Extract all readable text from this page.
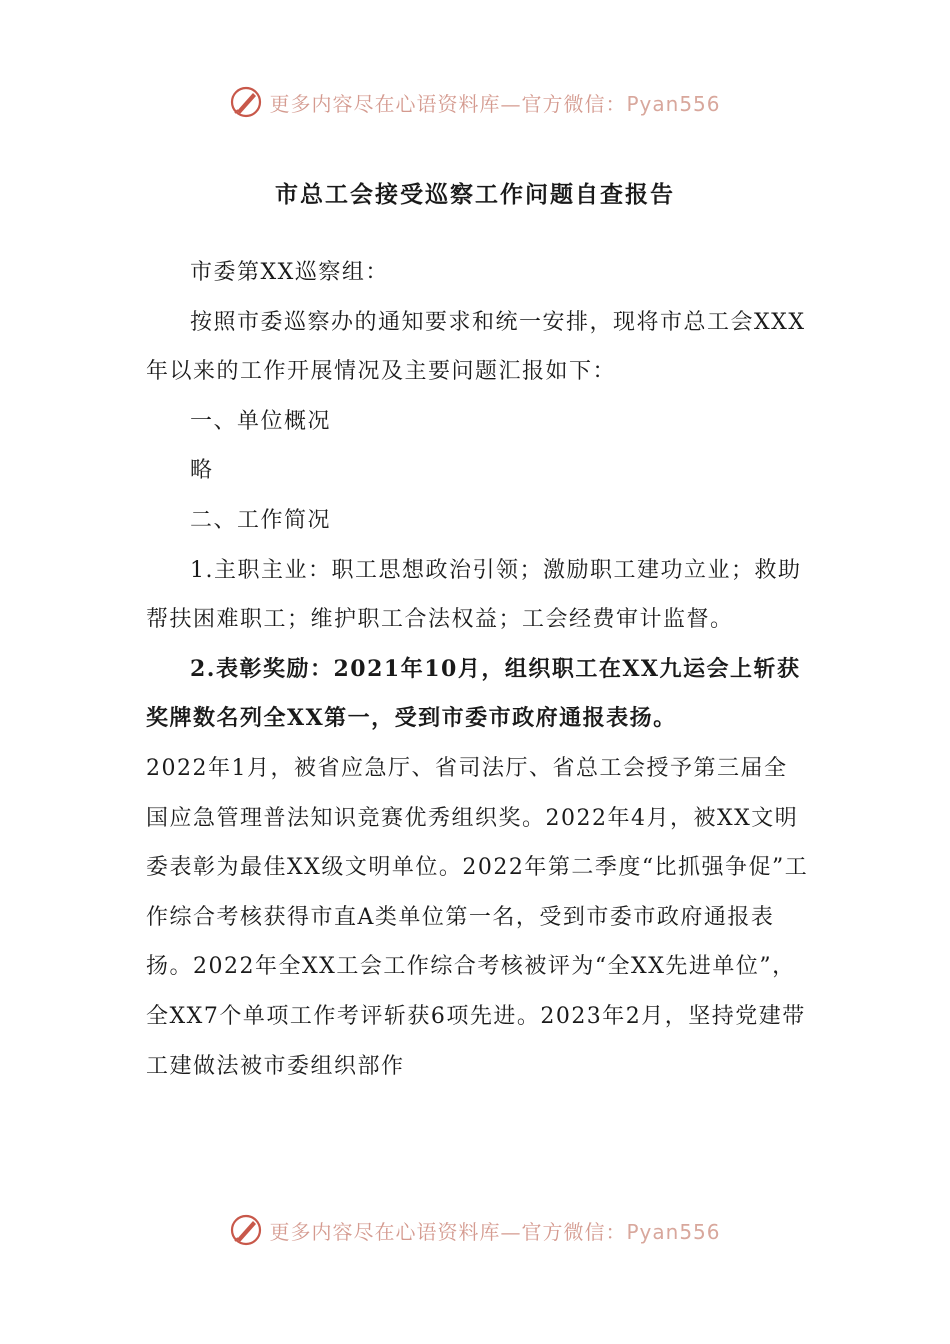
更多内容尽在心语资料库—官方微信：Pyan556
市总工会接受巡察工作问题自查报告

市委第XX巡察组：

按照市委巡察办的通知要求和统一安排，现将市总工会XXX年以来的工作开展情况及主要问题汇报如下：

一、单位概况

略

二、工作简况

1.主职主业：职工思想政治引领；激励职工建功立业；救助帮扶困难职工；维护职工合法权益；工会经费审计监督。

2.表彰奖励：2021年10月，组织职工在XX九运会上斩获奖牌数名列全XX第一，受到市委市政府通报表扬。

2022年1月，被省应急厅、省司法厅、省总工会授予第三届全国应急管理普法知识竞赛优秀组织奖。2022年4月，被XX文明委表彰为最佳XX级文明单位。2022年第二季度“比抓强争促”工作综合考核获得市直A类单位第一名，受到市委市政府通报表扬。2022年全XX工会工作综合考核被评为“全XX先进单位”，全XX7个单项工作考评斩获6项先进。2023年2月，坚持党建带工建做法被市委组织部作

更多内容尽在心语资料库—官方微信：Pyan556
